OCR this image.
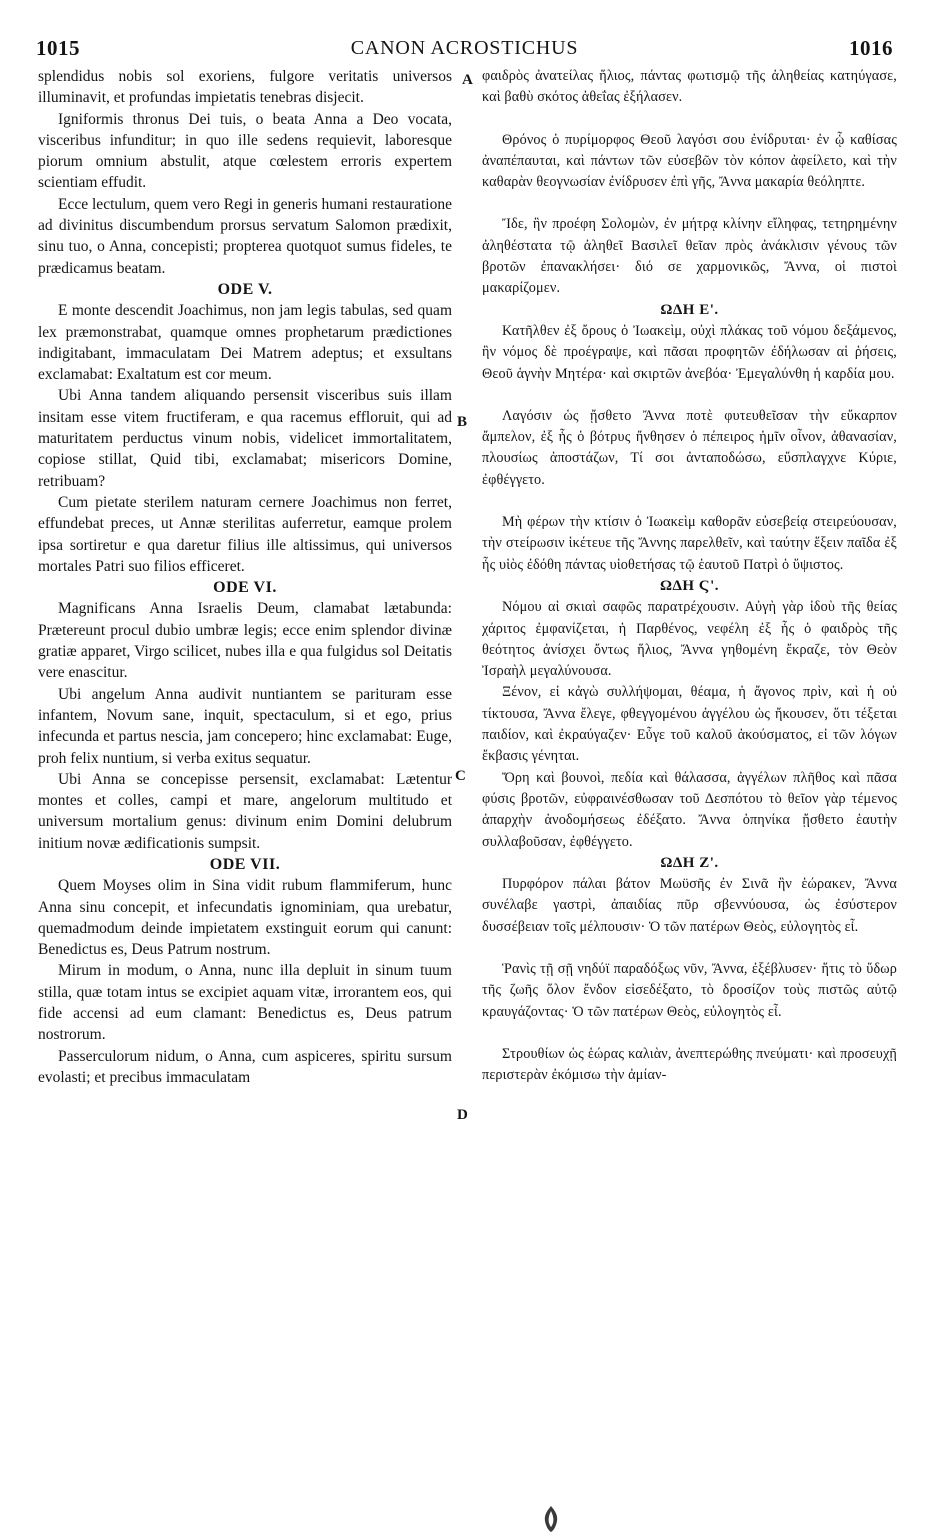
1015	CANON ACROSTICHUS	1016

splendidus nobis sol exoriens, fulgore veritatis universos illuminavit, et profundas impietatis tenebras disjecit.

Igniformis thronus Dei tuis, o beata Anna a Deo vocata, visceribus infunditur; in quo ille sedens requievit, laboresque piorum omnium abstulit, atque cœlestem erroris expertem scientiam effudit.

Ecce lectulum, quem vero Regi in generis humani restauratione ad divinitus discumbendum prorsus servatum Salomon prædixit, sinu tuo, o Anna, concepisti; propterea quotquot sumus fideles, te prædicamus beatam.

ODE V.

E monte descendit Joachimus, non jam legis tabulas, sed quam lex præmonstrabat, quamque omnes prophetarum prædictiones indigitabant, immaculatam Dei Matrem adeptus; et exsultans exclamabat: Exaltatum est cor meum.

Ubi Anna tandem aliquando persensit visceribus suis illam insitam esse vitem fructiferam, e qua racemus effloruit, qui ad maturitatem perductus vinum nobis, videlicet immortalitatem, copiose stillat, Quid tibi, exclamabat; misericors Domine, retribuam?

Cum pietate sterilem naturam cernere Joachimus non ferret, effundebat preces, ut Annæ sterilitas auferretur, eamque prolem ipsa sortiretur e qua daretur filius ille altissimus, qui universos mortales Patri suo filios efficeret.

ODE VI.

Magnificans Anna Israelis Deum, clamabat lætabunda: Prætereunt procul dubio umbræ legis; ecce enim splendor divinæ gratiæ apparet, Virgo scilicet, nubes illa e qua fulgidus sol Deitatis vere enascitur.

Ubi angelum Anna audivit nuntiantem se parituram esse infantem, Novum sane, inquit, spectaculum, si et ego, prius infecunda et partus nescia, jam concepero; hinc exclamabat: Euge, proh felix nuntium, si verba exitus sequatur.

Ubi Anna se concepisse persensit, exclamabat: Lætentur montes et colles, campi et mare, angelorum multitudo et universum mortalium genus: divinum enim Domini delubrum initium novæ ædificationis sumpsit.

ODE VII.

Quem Moyses olim in Sina vidit rubum flammiferum, hunc Anna sinu concepit, et infecundatis ignominiam, qua urebatur, quemadmodum deinde impietatem exstinguit eorum qui canunt: Benedictus es, Deus Patrum nostrum.

Mirum in modum, o Anna, nunc illa depluit in sinum tuum stilla, quæ totam intus se excipiet aquam vitæ, irrorantem eos, qui fide accensi ad eum clamant: Benedictus es, Deus patrum nostrorum.

Passerculorum nidum, o Anna, cum aspiceres, spiritu sursum evolasti; et precibus immaculatam

φαιδρὸς ἀνατείλας ἥλιος, πάντας φωτισμῷ τῆς ἀληθείας κατηύγασε, καὶ βαθὺ σκότος ἀθεΐας ἐξήλασεν.

Θρόνος ὁ πυρίμορφος Θεοῦ λαγόσι σου ἐνίδρυται· ἐν ᾧ καθίσας ἀναπέπαυται, καὶ πάντων τῶν εὐσεβῶν τὸν κόπον ἀφείλετο, καὶ τὴν καθαρὰν θεογνωσίαν ἐνίδρυσεν ἐπὶ γῆς, Ἄννα μακαρία θεόληπτε.

Ἴδε, ἣν προέφη Σολομὼν, ἐν μήτρᾳ κλίνην εἴληφας, τετηρημένην ἀληθέστατα τῷ ἀληθεῖ Βασιλεῖ θεῖαν πρὸς ἀνάκλισιν γένους τῶν βροτῶν ἐπανακλήσει· διό σε χαρμονικῶς, Ἄννα, οἱ πιστοὶ μακαρίζομεν.

ΩΔΗ Ε'.

Κατῆλθεν ἐξ ὄρους ὁ Ἰωακεὶμ, οὐχὶ πλάκας τοῦ νόμου δεξάμενος, ἣν νόμος δὲ προέγραψε, καὶ πᾶσαι προφητῶν ἐδήλωσαν αἱ ῥήσεις, Θεοῦ ἁγνὴν Μητέρα· καὶ σκιρτῶν ἀνεβόα· Ἐμεγαλύνθη ἡ καρδία μου.

Λαγόσιν ὡς ᾔσθετο Ἄννα ποτὲ φυτευθεῖσαν τὴν εὔκαρπον ἄμπελον, ἐξ ἧς ὁ βότρυς ἤνθησεν ὁ πέπειρος ἡμῖν οἶνον, ἀθανασίαν, πλουσίως ἀποστάζων, Τί σοι ἀνταποδώσω, εὔσπλαγχνε Κύριε, ἐφθέγγετο.

Μὴ φέρων τὴν κτίσιν ὁ Ἰωακεὶμ καθορᾶν εὐσεβείᾳ στειρεύουσαν, τὴν στείρωσιν ἱκέτευε τῆς Ἄννης παρελθεῖν, καὶ ταύτην ἕξειν παῖδα ἐξ ἧς υἱὸς ἐδόθη πάντας υἱοθετήσας τῷ ἑαυτοῦ Πατρὶ ὁ ὕψιστος.

ΩΔΗ Ϛ'.

Νόμου αἱ σκιαὶ σαφῶς παρατρέχουσιν. Αὐγὴ γὰρ ἰδοὺ τῆς θείας χάριτος ἐμφανίζεται, ἡ Παρθένος, νεφέλη ἐξ ἧς ὁ φαιδρὸς τῆς θεότητος ἀνίσχει ὄντως ἥλιος, Ἄννα γηθομένη ἔκραζε, τὸν Θεὸν Ἰσραὴλ μεγαλύνουσα.

Ξένον, εἰ κἀγὼ συλλήψομαι, θέαμα, ἡ ἄγονος πρὶν, καὶ ἡ οὐ τίκτουσα, Ἄννα ἔλεγε, φθεγγομένου ἀγγέλου ὡς ἤκουσεν, ὅτι τέξεται παιδίον, καὶ ἐκραύγαζεν· Εὖγε τοῦ καλοῦ ἀκούσματος, εἰ τῶν λόγων ἔκβασις γένηται.

Ὄρη καὶ βουνοὶ, πεδία καὶ θάλασσα, ἀγγέλων πλῆθος καὶ πᾶσα φύσις βροτῶν, εὐφραινέσθωσαν τοῦ Δεσπότου τὸ θεῖον γὰρ τέμενος ἀπαρχὴν ἀνοδομήσεως ἐδέξατο. Ἄννα ὁπηνίκα ᾔσθετο ἑαυτὴν συλλαβοῦσαν, ἐφθέγγετο.

ΩΔΗ Ζ'.

Πυρφόρον πάλαι βάτον Μωϋσῆς ἐν Σινᾶ ἣν ἑώρακεν, Ἄννα συνέλαβε γαστρὶ, ἀπαιδίας πῦρ σβεννύουσα, ὡς ἐσύστερον δυσσέβειαν τοῖς μέλπουσιν· Ὁ τῶν πατέρων Θεὸς, εὐλογητὸς εἶ.

Ῥανὶς τῇ σῇ νηδύϊ παραδόξως νῦν, Ἄννα, ἐξέβλυσεν· ἥτις τὸ ὕδωρ τῆς ζωῆς ὅλον ἔνδον εἰσεδέξατο, τὸ δροσίζον τοὺς πιστῶς αὐτῷ κραυγάζοντας· Ὁ τῶν πατέρων Θεὸς, εὐλογητὸς εἶ.

Στρουθίων ὡς ἑώρας καλιὰν, ἀνεπτερώθης πνεύματι· καὶ προσευχῇ περιστερὰν ἐκόμισω τὴν ἀμίαν-

A
B
C
D
